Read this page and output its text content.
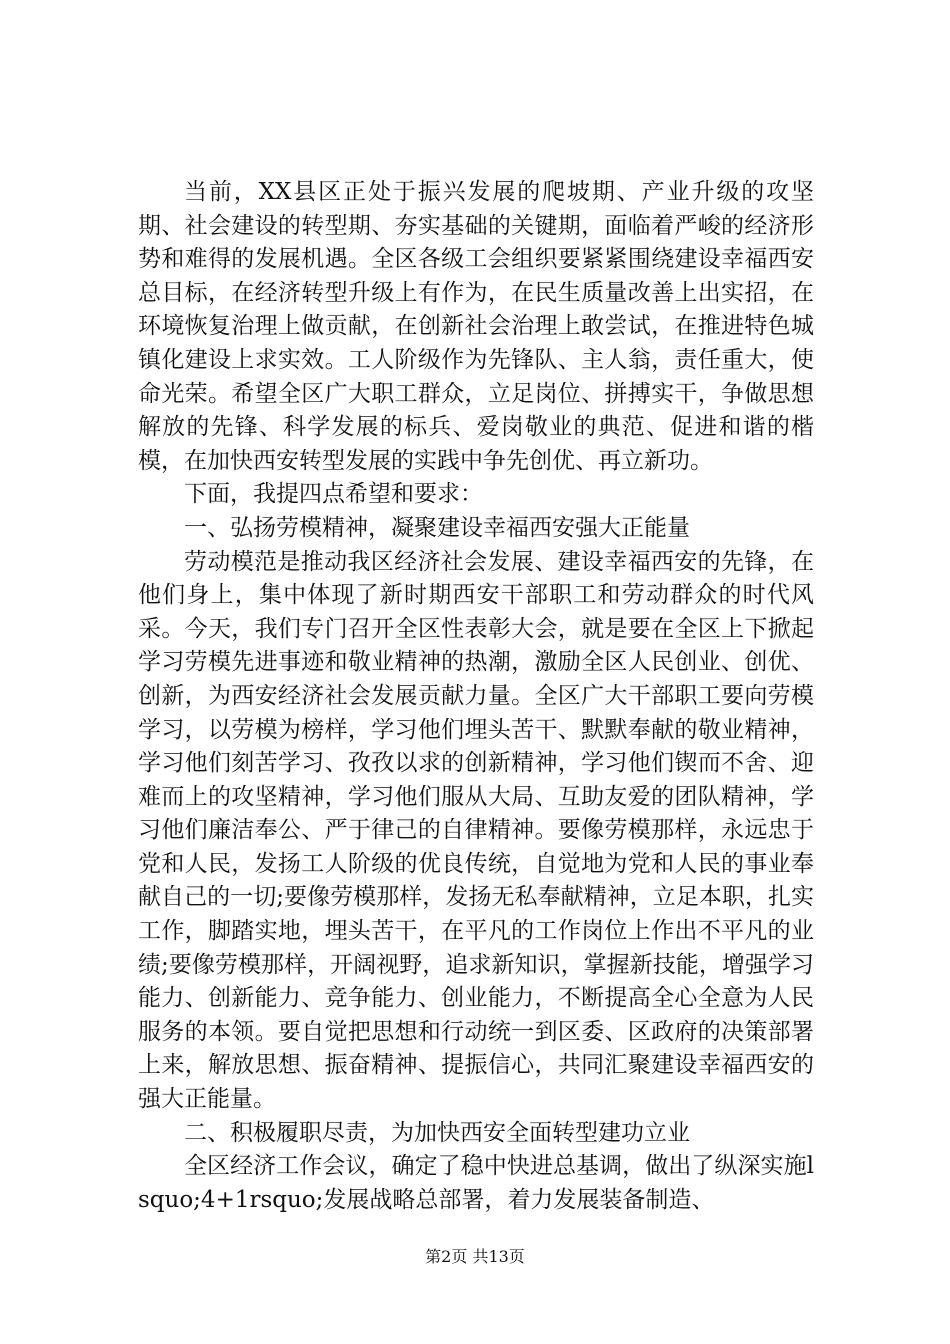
当前，XX县区正处于振兴发展的爬坡期、产业升级的攻坚期、社会建设的转型期、夯实基础的关键期，面临着严峻的经济形势和难得的发展机遇。全区各级工会组织要紧紧围绕建设幸福西安总目标，在经济转型升级上有作为，在民生质量改善上出实招，在环境恢复治理上做贡献，在创新社会治理上敢尝试，在推进特色城镇化建设上求实效。工人阶级作为先锋队、主人翁，责任重大，使命光荣。希望全区广大职工群众，立足岗位、拼搏实干，争做思想解放的先锋、科学发展的标兵、爱岗敬业的典范、促进和谐的楷模，在加快西安转型发展的实践中争先创优、再立新功。

下面，我提四点希望和要求：

一、弘扬劳模精神，凝聚建设幸福西安强大正能量

劳动模范是推动我区经济社会发展、建设幸福西安的先锋，在他们身上，集中体现了新时期西安干部职工和劳动群众的时代风采。今天，我们专门召开全区性表彰大会，就是要在全区上下掀起学习劳模先进事迹和敬业精神的热潮，激励全区人民创业、创优、创新，为西安经济社会发展贡献力量。全区广大干部职工要向劳模学习，以劳模为榜样，学习他们埋头苦干、默默奉献的敬业精神，学习他们刻苦学习、孜孜以求的创新精神，学习他们锲而不舍、迎难而上的攻坚精神，学习他们服从大局、互助友爱的团队精神，学习他们廉洁奉公、严于律己的自律精神。要像劳模那样，永远忠于党和人民，发扬工人阶级的优良传统，自觉地为党和人民的事业奉献自己的一切;要像劳模那样，发扬无私奉献精神，立足本职，扎实工作，脚踏实地，埋头苦干，在平凡的工作岗位上作出不平凡的业绩;要像劳模那样，开阔视野，追求新知识，掌握新技能，增强学习能力、创新能力、竞争能力、创业能力，不断提高全心全意为人民服务的本领。要自觉把思想和行动统一到区委、区政府的决策部署上来，解放思想、振奋精神、提振信心，共同汇聚建设幸福西安的强大正能量。

二、积极履职尽责，为加快西安全面转型建功立业

全区经济工作会议，确定了稳中快进总基调，做出了纵深实施lsquo;4+1rsquo;发展战略总部署，着力发展装备制造、

第2页 共13页
